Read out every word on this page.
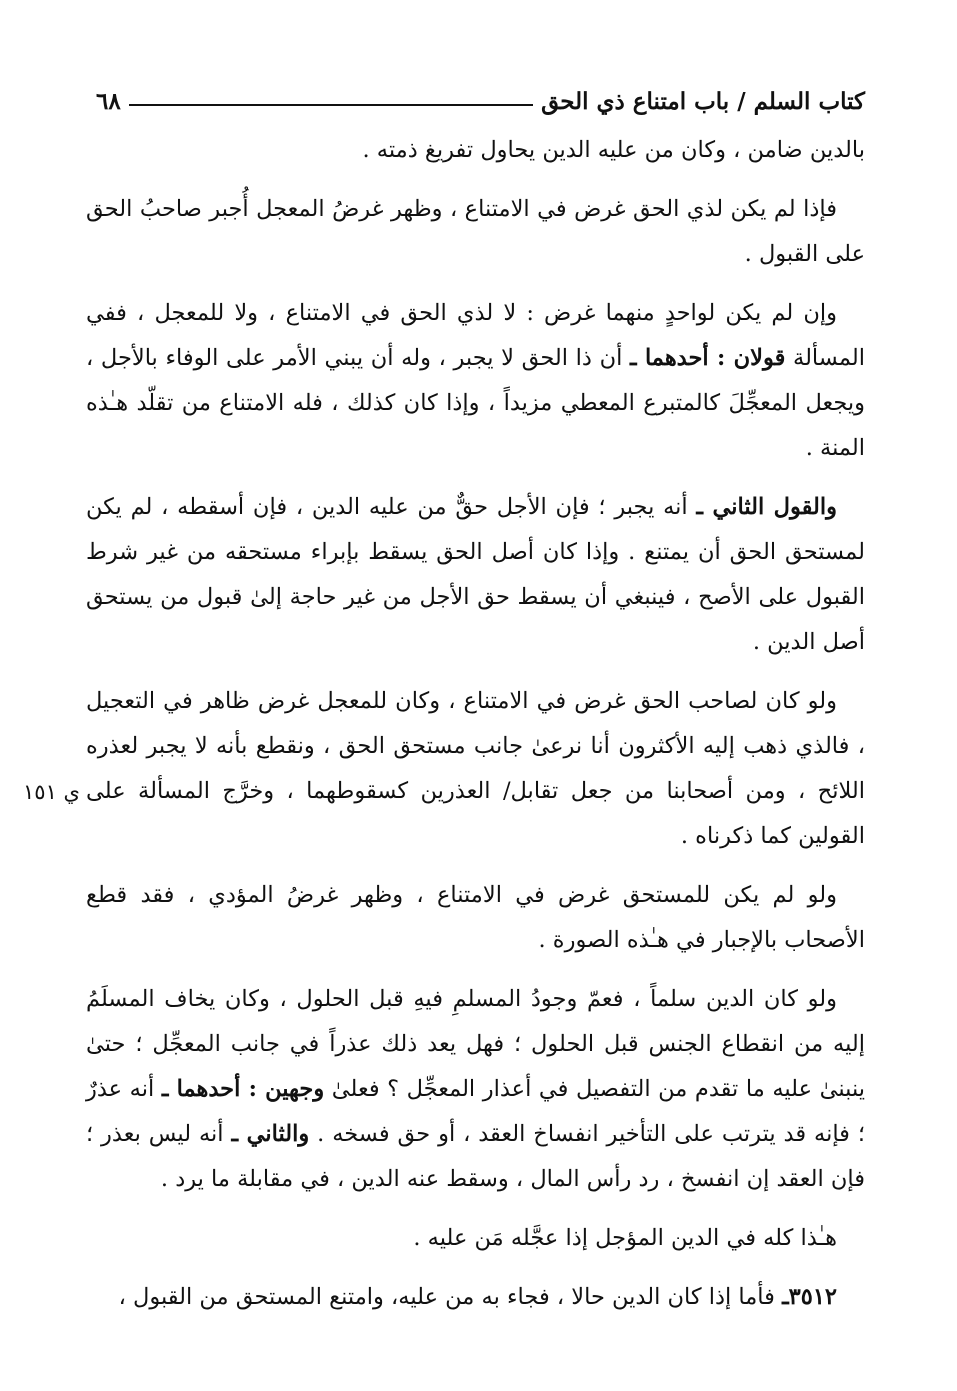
كتاب السلم / باب امتناع ذي الحق
٦٨
ي ١٥١

بالدين ضامن ، وكان من عليه الدين يحاول تفريغ ذمته .

فإذا لم يكن لذي الحق غرض في الامتناع ، وظهر غرضُ المعجل أُجبر صاحبُ الحق على القبول .

وإن لم يكن لواحدٍ منهما غرض : لا لذي الحق في الامتناع ، ولا للمعجل ، ففي المسألة قولان : أحدهما ـ أن ذا الحق لا يجبر ، وله أن يبني الأمر على الوفاء بالأجل ، ويجعل المعجِّلَ كالمتبرع المعطي مزيداً ، وإذا كان كذلك ، فله الامتناع من تقلّد هـٰذه المنة .

والقول الثاني ـ أنه يجبر ؛ فإن الأجل حقٌّ من عليه الدين ، فإن أسقطه ، لم يكن لمستحق الحق أن يمتنع . وإذا كان أصل الحق يسقط بإبراء مستحقه من غير شرط القبول على الأصح ، فينبغي أن يسقط حق الأجل من غير حاجة إلىٰ قبول من يستحق أصل الدين .

ولو كان لصاحب الحق غرض في الامتناع ، وكان للمعجل غرض ظاهر في التعجيل ، فالذي ذهب إليه الأكثرون أنا نرعىٰ جانب مستحق الحق ، ونقطع بأنه لا يجبر لعذره اللائح ، ومن أصحابنا من جعل تقابل/ العذرين كسقوطهما ، وخرَّج المسألة على القولين كما ذكرناه .

ولو لم يكن للمستحق غرض في الامتناع ، وظهر غرضُ المؤدي ، فقد قطع الأصحاب بالإجبار في هـٰذه الصورة .

ولو كان الدين سلماً ، فعمّ وجودُ المسلمِ فيهِ قبل الحلول ، وكان يخاف المسلَمُ إليه من انقطاع الجنس قبل الحلول ؛ فهل يعد ذلك عذراً في جانب المعجِّل ؛ حتىٰ ينبنىٰ عليه ما تقدم من التفصيل في أعذار المعجِّل ؟ فعلىٰ وجهين : أحدهما ـ أنه عذرٌ ؛ فإنه قد يترتب على التأخير انفساخ العقد ، أو حق فسخه . والثاني ـ أنه ليس بعذر ؛ فإن العقد إن انفسخ ، رد رأس المال ، وسقط عنه الدين ، في مقابلة ما يرد .

هـٰذا كله في الدين المؤجل إذا عجَّله مَن عليه .

٣٥١٢ـ فأما إذا كان الدين حالا ، فجاء به من عليه، وامتنع المستحق من القبول ،
